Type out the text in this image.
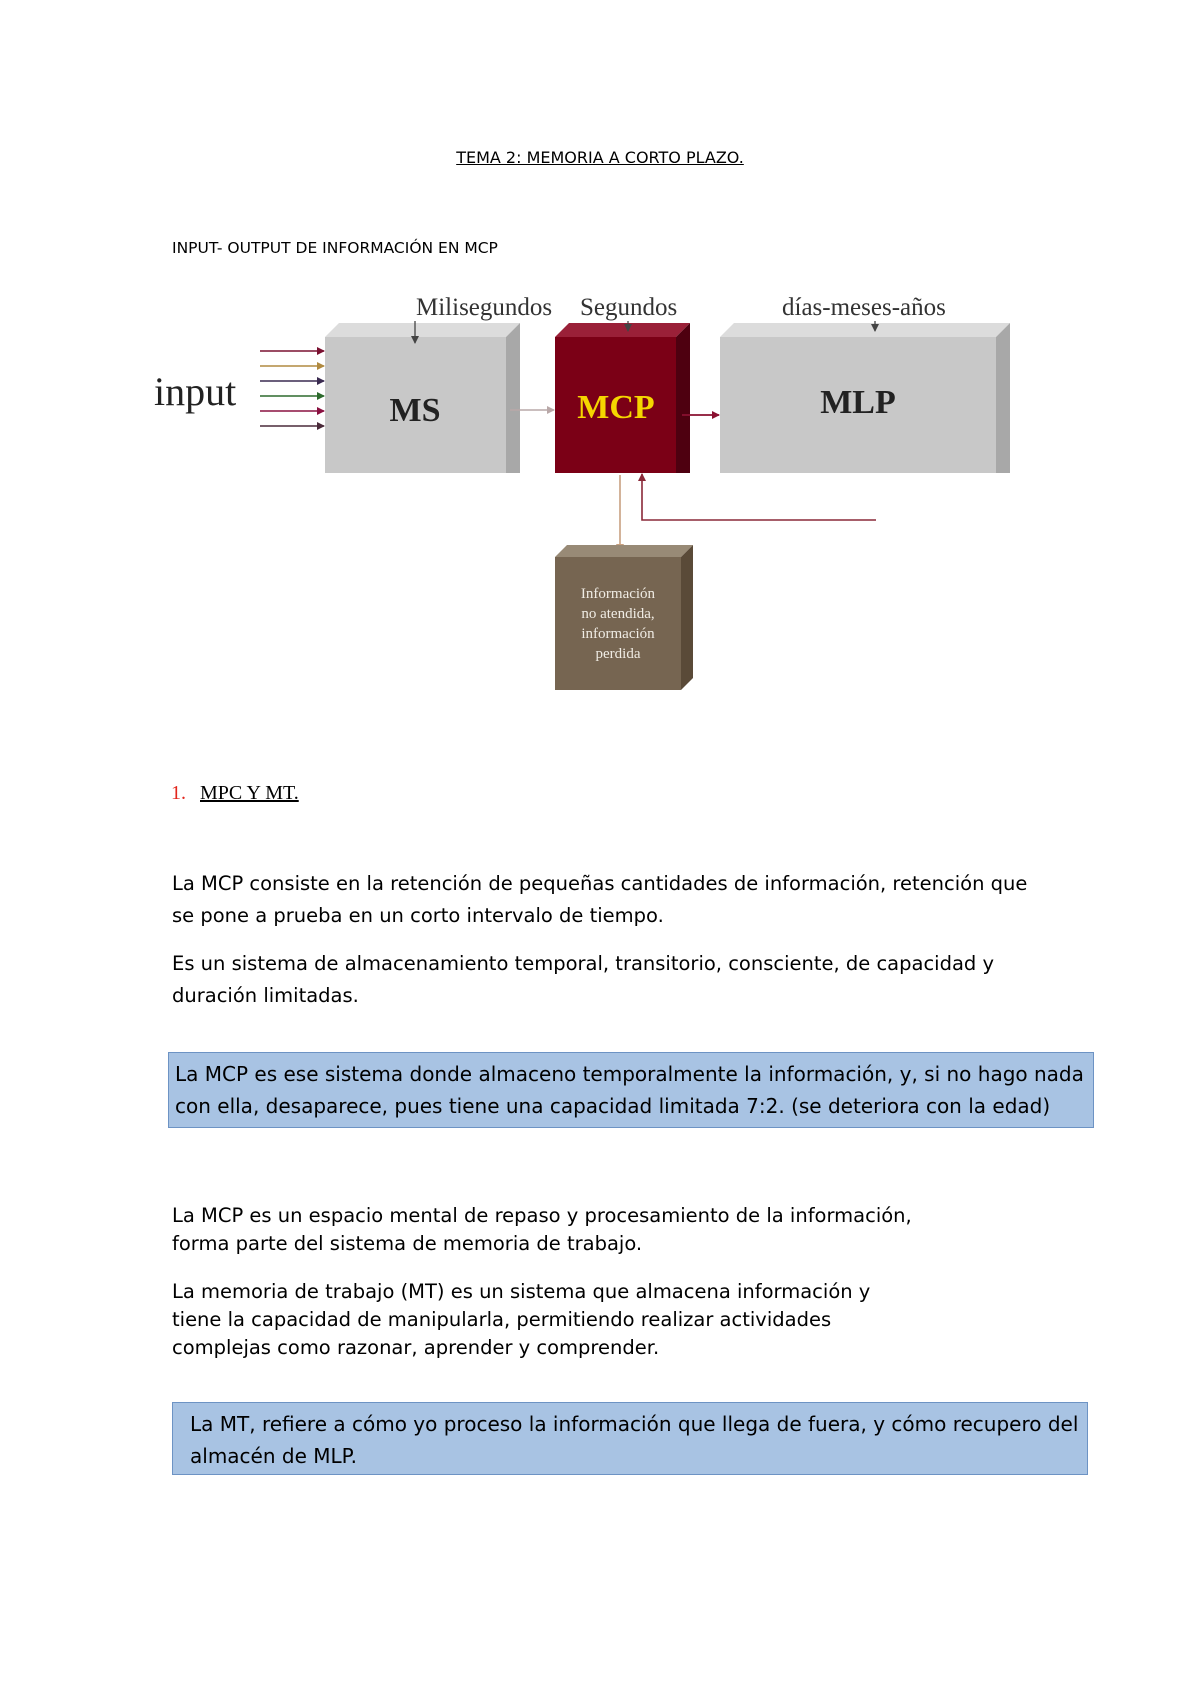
TEMA 2: MEMORIA A CORTO PLAZO.
INPUT- OUTPUT DE INFORMACIÓN EN MCP
Milisegundos Segundos	días-meses-años
input	MS	MCP	MLP
Información
no atendida,
información
perdida
1. MPC Y MT.
La MCP consiste en la retención de pequeñas cantidades de información, retención que
se pone a prueba en un corto intervalo de tiempo.
Es un sistema de almacenamiento temporal, transitorio, consciente, de capacidad y
duración limitadas.
La MCP es ese sistema donde almaceno temporalmente la información, y, si no hago nada
con ella, desaparece, pues tiene una capacidad limitada 7:2. (se deteriora con la edad)
La MCP es un espacio mental de repaso y procesamiento de la información,
forma parte del sistema de memoria de trabajo.
La memoria de trabajo (MT) es un sistema que almacena información y
tiene la capacidad de manipularla, permitiendo realizar actividades
complejas como razonar, aprender y comprender.
La MT, refiere a cómo yo proceso la información que llega de fuera, y cómo recupero del
almacén de MLP.
